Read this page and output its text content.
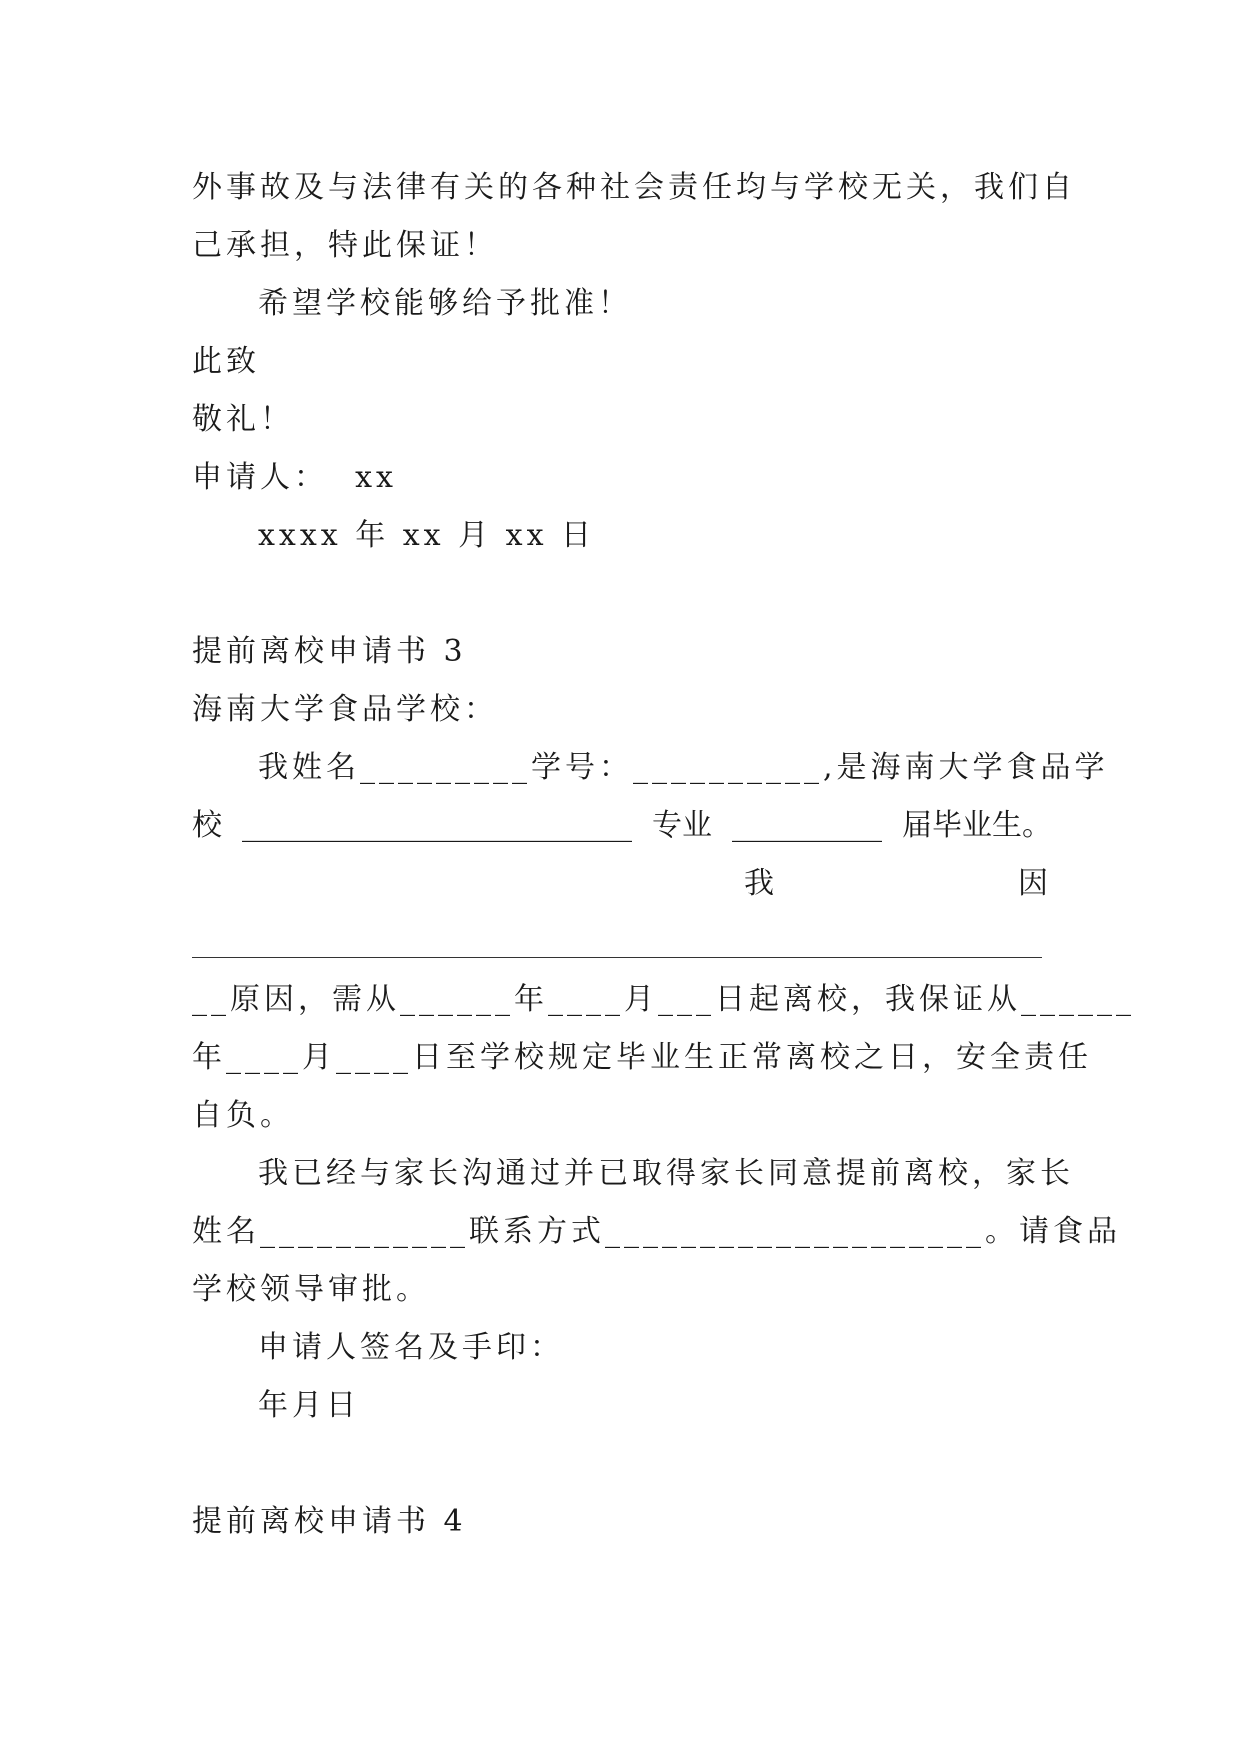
外事故及与法律有关的各种社会责任均与学校无关，我们自
己承担，特此保证！
希望学校能够给予批准！
此致
敬礼！
申请人：  xx
xxxx 年 xx 月 xx 日
提前离校申请书 3
海南大学食品学校：
我姓名_________学号：__________,是海南大学食品学
校 __________________________ 专业 __________ 届毕业生。
我	因
__原因，需从______年____月___日起离校，我保证从______
年____月____日至学校规定毕业生正常离校之日，安全责任
自负。
我已经与家长沟通过并已取得家长同意提前离校，家长
姓名___________联系方式____________________。请食品
学校领导审批。
申请人签名及手印：
年月日
提前离校申请书 4
